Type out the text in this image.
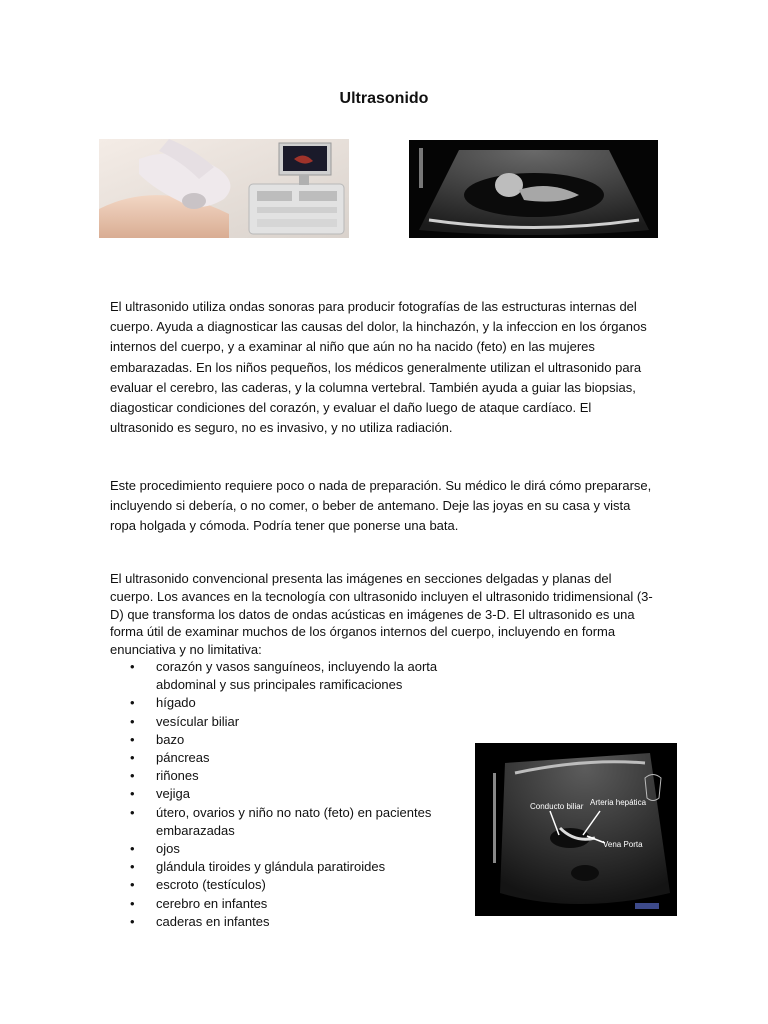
Ultrasonido

El ultrasonido utiliza ondas sonoras para producir fotografías de las estructuras internas del cuerpo. Ayuda a diagnosticar las causas del dolor, la hinchazón, y la infeccion en los órganos internos del cuerpo, y a examinar al niño que aún no ha nacido (feto) en las mujeres embarazadas. En los niños pequeños, los médicos generalmente utilizan el ultrasonido para evaluar el cerebro, las caderas, y la columna vertebral. También ayuda a guiar las biopsias, diagosticar condiciones del corazón, y evaluar el daño luego de ataque cardíaco. El ultrasonido es seguro, no es invasivo, y no utiliza radiación.

Este procedimiento requiere poco o nada de preparación. Su médico le dirá cómo prepararse, incluyendo si debería, o no comer, o beber de antemano. Deje las joyas en su casa y vista ropa holgada y cómoda. Podría tener que ponerse una bata.

El ultrasonido convencional presenta las imágenes en secciones delgadas y planas del cuerpo. Los avances en la tecnología con ultrasonido incluyen el ultrasonido tridimensional (3-D) que transforma los datos de ondas acústicas en imágenes de 3-D. El ultrasonido es una forma útil de examinar muchos de los órganos internos del cuerpo, incluyendo en forma enunciativa y no limitativa:

• corazón y vasos sanguíneos, incluyendo la aorta abdominal y sus principales ramificaciones
• hígado
• vesícular biliar
• bazo
• páncreas
• riñones
• vejiga
• útero, ovarios y niño no nato (feto) en pacientes embarazadas
• ojos
• glándula tiroides y glándula paratiroides
• escroto (testículos)
• cerebro en infantes
• caderas en infantes
Conducto biliar Arteria hepática
Vena Porta
